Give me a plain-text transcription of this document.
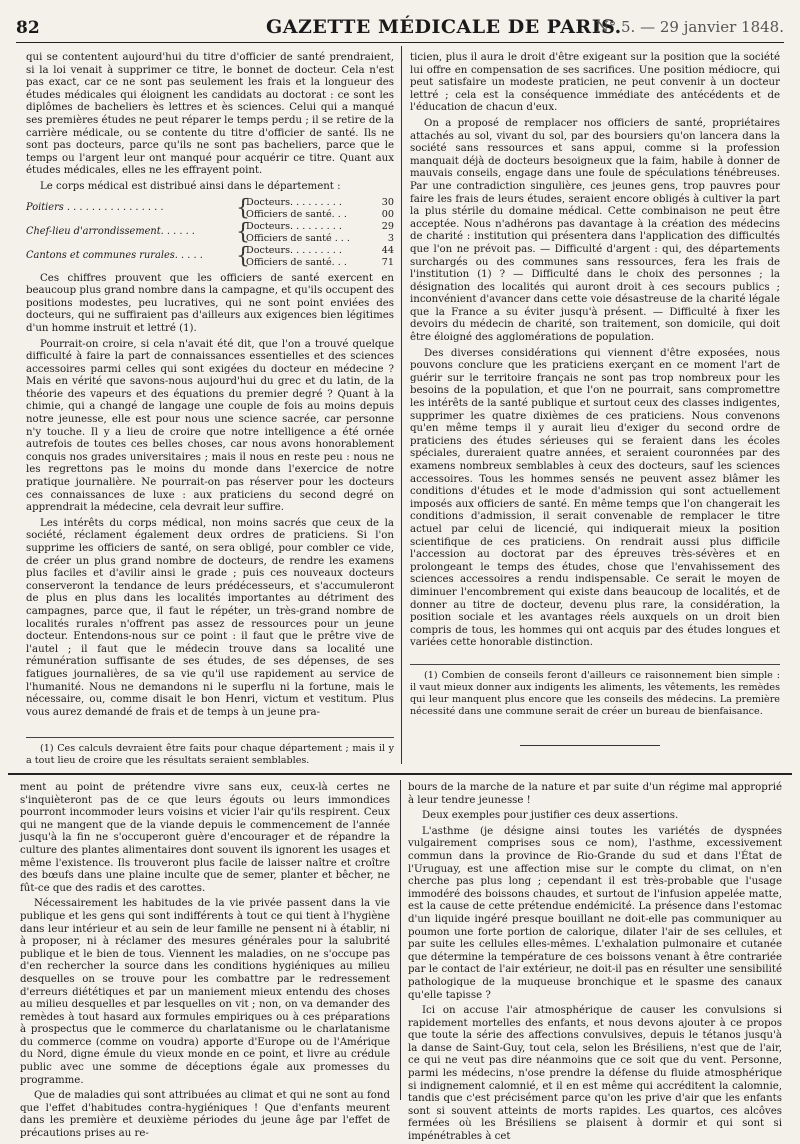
82	GAZETTE MÉDICALE DE PARIS.
N° 5. — 29 janvier 1848.

qui se contentent aujourd'hui du titre d'officier de santé prendraient, si la loi venait à supprimer ce titre, le bonnet de docteur. Cela n'est pas exact, car ce ne sont pas seulement les frais et la longueur des études médicales qui éloignent les candidats au doctorat : ce sont les diplômes de bacheliers ès lettres et ès sciences. Celui qui a manqué ses premières études ne peut réparer le temps perdu ; il se retire de la carrière médicale, ou se contente du titre d'officier de santé. Ils ne sont pas docteurs, parce qu'ils ne sont pas bacheliers, parce que le temps ou l'argent leur ont manqué pour acquérir ce titre. Quant aux études médicales, elles ne les effrayent point.

Le corps médical est distribué ainsi dans le département :

Poitiers . . . . . . . . . . . . . . . .	{
Docteurs. . . . . . . . .	30
Officiers de santé. . .	00
Chef-lieu d'arrondissement. . . . . .	{
Docteurs. . . . . . . . .	29
Officiers de santé . . .	3
Cantons et communes rurales. . . . .	{
Docteurs. . . . . . . . .	44
Officiers de santé. . .	71

Ces chiffres prouvent que les officiers de santé exercent en beaucoup plus grand nombre dans la campagne, et qu'ils occupent des positions modestes, peu lucratives, qui ne sont point enviées des docteurs, qui ne suffiraient pas d'ailleurs aux exigences bien légitimes d'un homme instruit et lettré (1).

Pourrait-on croire, si cela n'avait été dit, que l'on a trouvé quelque difficulté à faire la part de connaissances essentielles et des sciences accessoires parmi celles qui sont exigées du docteur en médecine ? Mais en vérité que savons-nous aujourd'hui du grec et du latin, de la théorie des vapeurs et des équations du premier degré ? Quant à la chimie, qui a changé de langage une couple de fois au moins depuis notre jeunesse, elle est pour nous une science sacrée, car personne n'y touche. Il y a lieu de croire que notre intelligence a été ornée autrefois de toutes ces belles choses, car nous avons honorablement conquis nos grades universitaires ; mais il nous en reste peu : nous ne les regrettons pas le moins du monde dans l'exercice de notre pratique journalière. Ne pourrait-on pas réserver pour les docteurs ces connaissances de luxe : aux praticiens du second degré on apprendrait la médecine, cela devrait leur suffire.

Les intérêts du corps médical, non moins sacrés que ceux de la société, réclament également deux ordres de praticiens. Si l'on supprime les officiers de santé, on sera obligé, pour combler ce vide, de créer un plus grand nombre de docteurs, de rendre les examens plus faciles et d'avilir ainsi le grade ; puis ces nouveaux docteurs conserveront la tendance de leurs prédécesseurs, et s'accumuleront de plus en plus dans les localités importantes au détriment des campagnes, parce que, il faut le répéter, un très-grand nombre de localités rurales n'offrent pas assez de ressources pour un jeune docteur. Entendons-nous sur ce point : il faut que le prêtre vive de l'autel ; il faut que le médecin trouve dans sa localité une rémunération suffisante de ses études, de ses dépenses, de ses fatigues journalières, de sa vie qu'il use rapidement au service de l'humanité. Nous ne demandons ni le superflu ni la fortune, mais le nécessaire, ou, comme disait le bon Henri, victum et vestitum. Plus vous aurez demandé de frais et de temps à un jeune pra-

(1) Ces calculs devraient être faits pour chaque département ; mais il y a tout lieu de croire que les résultats seraient semblables.

ticien, plus il aura le droit d'être exigeant sur la position que la société lui offre en compensation de ses sacrifices. Une position médiocre, qui peut satisfaire un modeste praticien, ne peut convenir à un docteur lettré ; cela est la conséquence immédiate des antécédents et de l'éducation de chacun d'eux.

On a proposé de remplacer nos officiers de santé, propriétaires attachés au sol, vivant du sol, par des boursiers qu'on lancera dans la société sans ressources et sans appui, comme si la profession manquait déjà de docteurs besoigneux que la faim, habile à donner de mauvais conseils, engage dans une foule de spéculations ténébreuses. Par une contradiction singulière, ces jeunes gens, trop pauvres pour faire les frais de leurs études, seraient encore obligés à cultiver la part la plus stérile du domaine médical. Cette combinaison ne peut être acceptée. Nous n'adhérons pas davantage à la création des médecins de charité : institution qui présentera dans l'application des difficultés que l'on ne prévoit pas. — Difficulté d'argent : qui, des départements surchargés ou des communes sans ressources, fera les frais de l'institution (1) ? — Difficulté dans le choix des personnes ; la désignation des localités qui auront droit à ces secours publics ; inconvénient d'avancer dans cette voie désastreuse de la charité légale que la France a su éviter jusqu'à présent. — Difficulté à fixer les devoirs du médecin de charité, son traitement, son domicile, qui doit être éloigné des agglomérations de population.

Des diverses considérations qui viennent d'être exposées, nous pouvons conclure que les praticiens exerçant en ce moment l'art de guérir sur le territoire français ne sont pas trop nombreux pour les besoins de la population, et que l'on ne pourrait, sans compromettre les intérêts de la santé publique et surtout ceux des classes indigentes, supprimer les quatre dixièmes de ces praticiens. Nous convenons qu'en même temps il y aurait lieu d'exiger du second ordre de praticiens des études sérieuses qui se feraient dans les écoles spéciales, dureraient quatre années, et seraient couronnées par des examens nombreux semblables à ceux des docteurs, sauf les sciences accessoires. Tous les hommes sensés ne peuvent assez blâmer les conditions d'études et le mode d'admission qui sont actuellement imposés aux officiers de santé. En même temps que l'on changerait les conditions d'admission, il serait convenable de remplacer le titre actuel par celui de licencié, qui indiquerait mieux la position scientifique de ces praticiens. On rendrait aussi plus difficile l'accession au doctorat par des épreuves très-sévères et en prolongeant le temps des études, chose que l'envahissement des sciences accessoires a rendu indispensable. Ce serait le moyen de diminuer l'encombrement qui existe dans beaucoup de localités, et de donner au titre de docteur, devenu plus rare, la considération, la position sociale et les avantages réels auxquels on un droit bien compris de tous, les hommes qui ont acquis par des études longues et variées cette honorable distinction.

(1) Combien de conseils feront d'ailleurs ce raisonnement bien simple : il vaut mieux donner aux indigents les aliments, les vêtements, les remèdes qui leur manquent plus encore que les conseils des médecins. La première nécessité dans une commune serait de créer un bureau de bienfaisance.

ment au point de prétendre vivre sans eux, ceux-là certes ne s'inquièteront pas de ce que leurs égouts ou leurs immondices pourront incommoder leurs voisins et vicier l'air qu'ils respirent. Ceux qui ne mangent que de la viande depuis le commencement de l'année jusqu'à la fin ne s'occuperont guère d'encourager et de répandre la culture des plantes alimentaires dont souvent ils ignorent les usages et même l'existence. Ils trouveront plus facile de laisser naître et croître des bœufs dans une plaine inculte que de semer, planter et bêcher, ne fût-ce que des radis et des carottes.

Nécessairement les habitudes de la vie privée passent dans la vie publique et les gens qui sont indifférents à tout ce qui tient à l'hygiène dans leur intérieur et au sein de leur famille ne pensent ni à établir, ni à proposer, ni à réclamer des mesures générales pour la salubrité publique et le bien de tous. Viennent les maladies, on ne s'occupe pas d'en rechercher la source dans les conditions hygiéniques au milieu desquelles on se trouve pour les combattre par le redressement d'erreurs diététiques et par un maniement mieux entendu des choses au milieu desquelles et par lesquelles on vit ; non, on va demander des remèdes à tout hasard aux formules empiriques ou à ces préparations à prospectus que le commerce du charlatanisme ou le charlatanisme du commerce (comme on voudra) apporte d'Europe ou de l'Amérique du Nord, digne émule du vieux monde en ce point, et livre au crédule public avec une somme de déceptions égale aux promesses du programme.

Que de maladies qui sont attribuées au climat et qui ne sont au fond que l'effet d'habitudes contra-hygiéniques ! Que d'enfants meurent dans les première et deuxième périodes du jeune âge par l'effet de précautions prises au re-

bours de la marche de la nature et par suite d'un régime mal approprié à leur tendre jeunesse !

Deux exemples pour justifier ces deux assertions.

L'asthme (je désigne ainsi toutes les variétés de dyspnées vulgairement comprises sous ce nom), l'asthme, excessivement commun dans la province de Rio-Grande du sud et dans l'État de l'Uruguay, est une affection mise sur le compte du climat, on n'en cherche pas plus long ; cependant il est très-probable que l'usage immodéré des boissons chaudes, et surtout de l'infusion appelée matte, est la cause de cette prétendue endémicité. La présence dans l'estomac d'un liquide ingéré presque bouillant ne doit-elle pas communiquer au poumon une forte portion de calorique, dilater l'air de ses cellules, et par suite les cellules elles-mêmes. L'exhalation pulmonaire et cutanée que détermine la température de ces boissons venant à être contrariée par le contact de l'air extérieur, ne doit-il pas en résulter une sensibilité pathologique de la muqueuse bronchique et le spasme des canaux qu'elle tapisse ?

Ici on accuse l'air atmosphérique de causer les convulsions si rapidement mortelles des enfants, et nous devons ajouter à ce propos que toute la série des affections convulsives, depuis le tétanos jusqu'à la danse de Saint-Guy, tout cela, selon les Brésiliens, n'est que de l'air, ce qui ne veut pas dire néanmoins que ce soit que du vent. Personne, parmi les médecins, n'ose prendre la défense du fluide atmosphérique si indignement calomnié, et il en est même qui accréditent la calomnie, tandis que c'est précisément parce qu'on les prive d'air que les enfants sont si souvent atteints de morts rapides. Les quartos, ces alcôves fermées où les Brésiliens se plaisent à dormir et qui sont si impénétrables à cet
